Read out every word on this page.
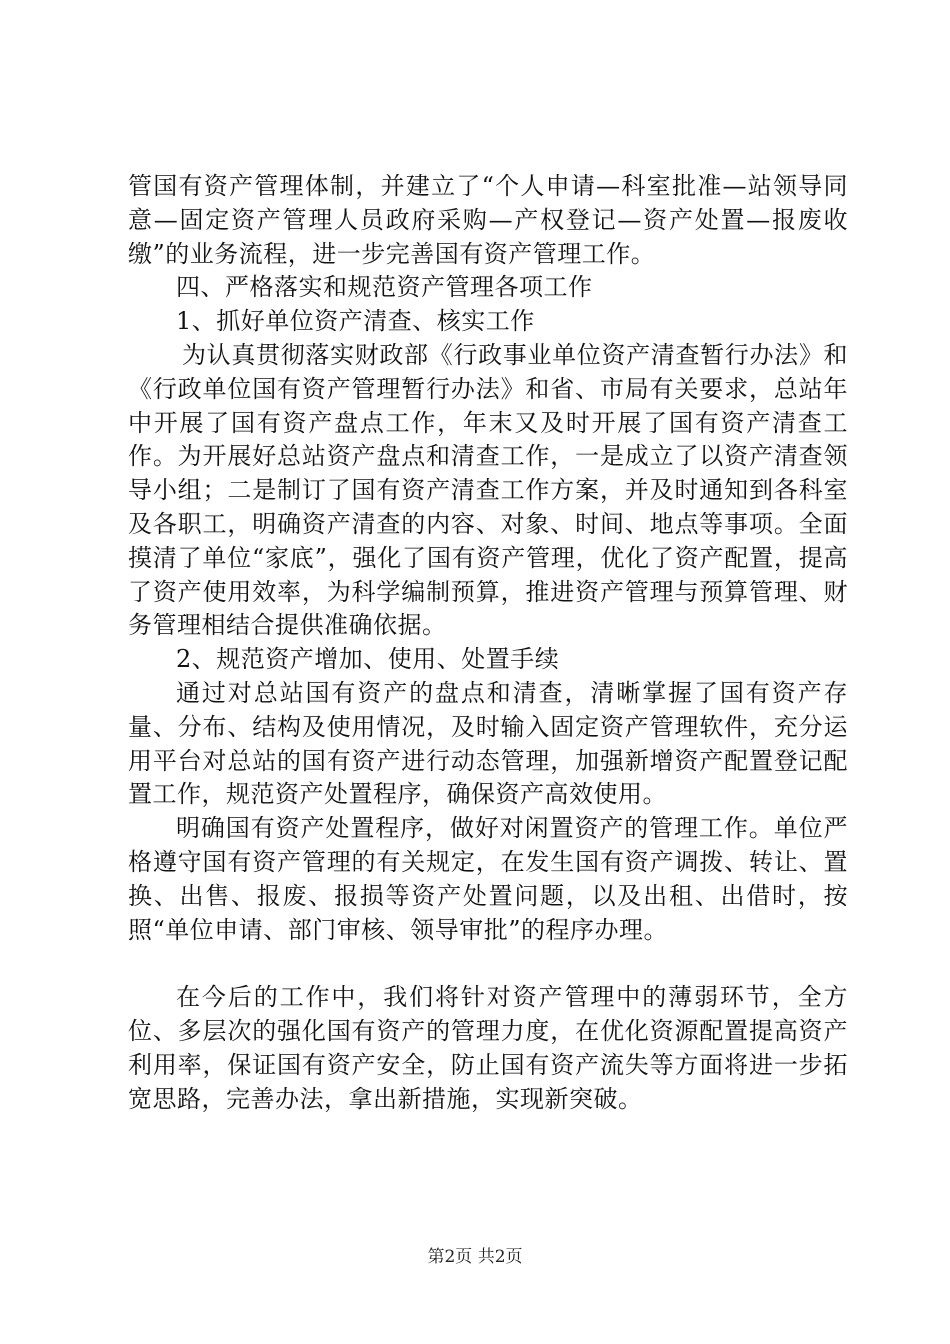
管国有资产管理体制，并建立了“个人申请—科室批准—站领导同意—固定资产管理人员政府采购—产权登记—资产处置—报废收缴”的业务流程，进一步完善国有资产管理工作。

四、严格落实和规范资产管理各项工作

1、抓好单位资产清查、核实工作

为认真贯彻落实财政部《行政事业单位资产清查暂行办法》和《行政单位国有资产管理暂行办法》和省、市局有关要求，总站年中开展了国有资产盘点工作，年末又及时开展了国有资产清查工作。为开展好总站资产盘点和清查工作，一是成立了以资产清查领导小组；二是制订了国有资产清查工作方案，并及时通知到各科室及各职工，明确资产清查的内容、对象、时间、地点等事项。全面摸清了单位“家底”，强化了国有资产管理，优化了资产配置，提高了资产使用效率，为科学编制预算，推进资产管理与预算管理、财务管理相结合提供准确依据。

2、规范资产增加、使用、处置手续

通过对总站国有资产的盘点和清查，清晰掌握了国有资产存量、分布、结构及使用情况，及时输入固定资产管理软件，充分运用平台对总站的国有资产进行动态管理，加强新增资产配置登记配置工作，规范资产处置程序，确保资产高效使用。

明确国有资产处置程序，做好对闲置资产的管理工作。单位严格遵守国有资产管理的有关规定，在发生国有资产调拨、转让、置换、出售、报废、报损等资产处置问题，以及出租、出借时，按照“单位申请、部门审核、领导审批”的程序办理。

在今后的工作中，我们将针对资产管理中的薄弱环节，全方位、多层次的强化国有资产的管理力度，在优化资源配置提高资产利用率，保证国有资产安全，防止国有资产流失等方面将进一步拓宽思路，完善办法，拿出新措施，实现新突破。

第2页 共2页
